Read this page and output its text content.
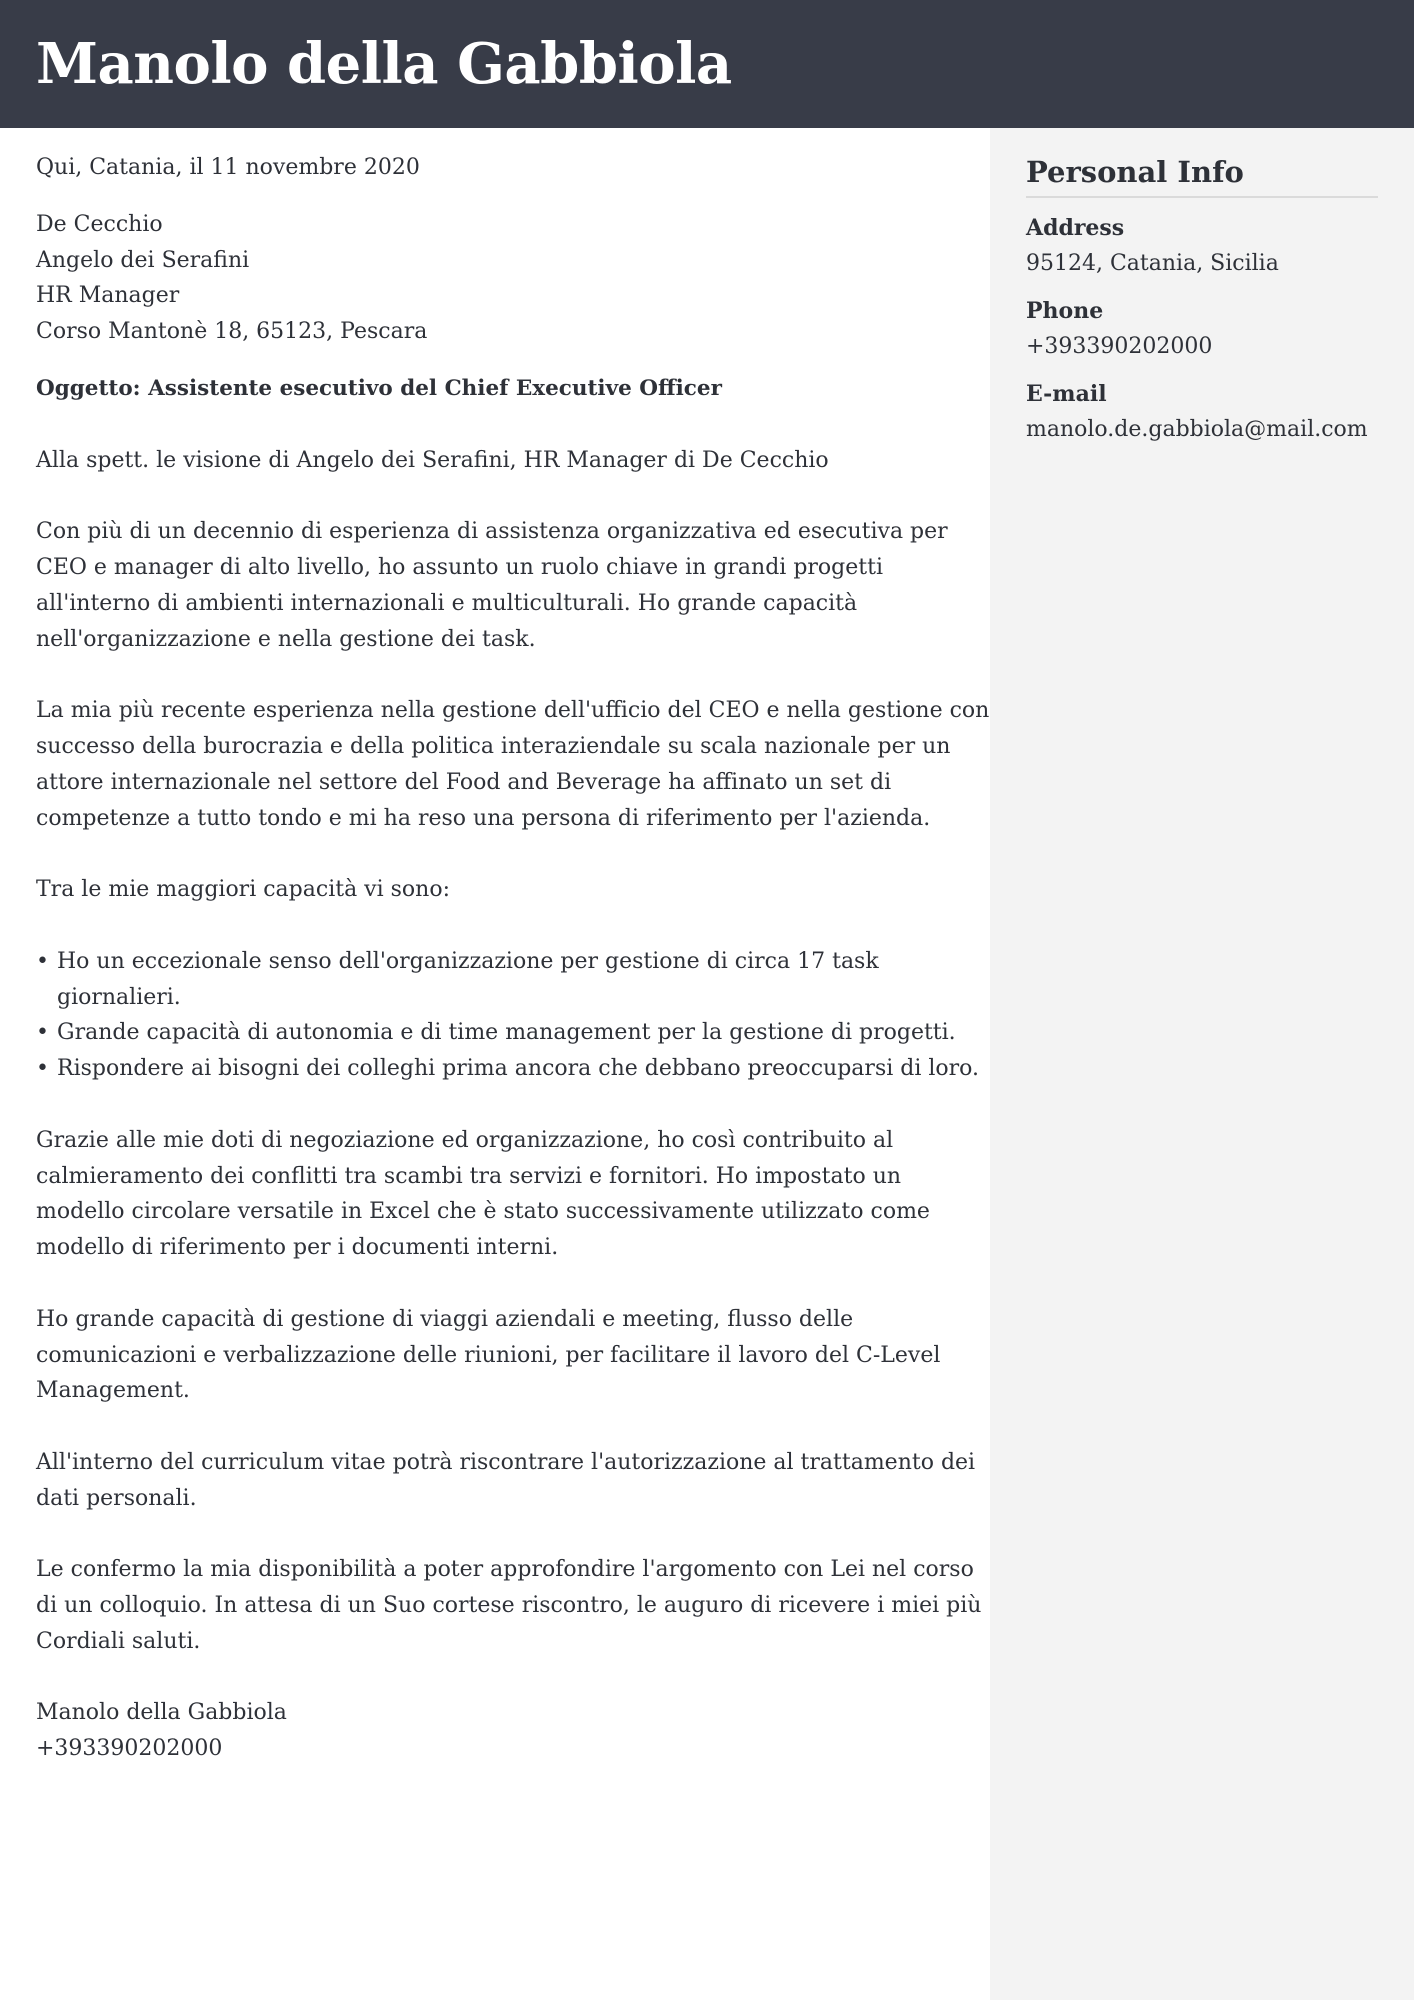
Manolo della Gabbiola
Personal Info
Address
95124, Catania, Sicilia
Phone
+393390202000
E-mail
manolo.de.gabbiola@mail.com

Qui, Catania, il 11 novembre 2020

De Cecchio
Angelo dei Serafini
HR Manager
Corso Mantonè 18, 65123, Pescara

Oggetto: Assistente esecutivo del Chief Executive Officer

Alla spett. le visione di Angelo dei Serafini, HR Manager di De Cecchio

Con più di un decennio di esperienza di assistenza organizzativa ed esecutiva per
CEO e manager di alto livello, ho assunto un ruolo chiave in grandi progetti
all'interno di ambienti internazionali e multiculturali. Ho grande capacità
nell'organizzazione e nella gestione dei task.

La mia più recente esperienza nella gestione dell'ufficio del CEO e nella gestione con
successo della burocrazia e della politica interaziendale su scala nazionale per un
attore internazionale nel settore del Food and Beverage ha affinato un set di
competenze a tutto tondo e mi ha reso una persona di riferimento per l'azienda.

Tra le mie maggiori capacità vi sono:

• Ho un eccezionale senso dell'organizzazione per gestione di circa 17 task
giornalieri.
• Grande capacità di autonomia e di time management per la gestione di progetti.
• Rispondere ai bisogni dei colleghi prima ancora che debbano preoccuparsi di loro.

Grazie alle mie doti di negoziazione ed organizzazione, ho così contribuito al
calmieramento dei conflitti tra scambi tra servizi e fornitori. Ho impostato un
modello circolare versatile in Excel che è stato successivamente utilizzato come
modello di riferimento per i documenti interni.

Ho grande capacità di gestione di viaggi aziendali e meeting, flusso delle
comunicazioni e verbalizzazione delle riunioni, per facilitare il lavoro del C-Level
Management.

All'interno del curriculum vitae potrà riscontrare l'autorizzazione al trattamento dei
dati personali.

Le confermo la mia disponibilità a poter approfondire l'argomento con Lei nel corso
di un colloquio. In attesa di un Suo cortese riscontro, le auguro di ricevere i miei più
Cordiali saluti.

Manolo della Gabbiola
+393390202000
